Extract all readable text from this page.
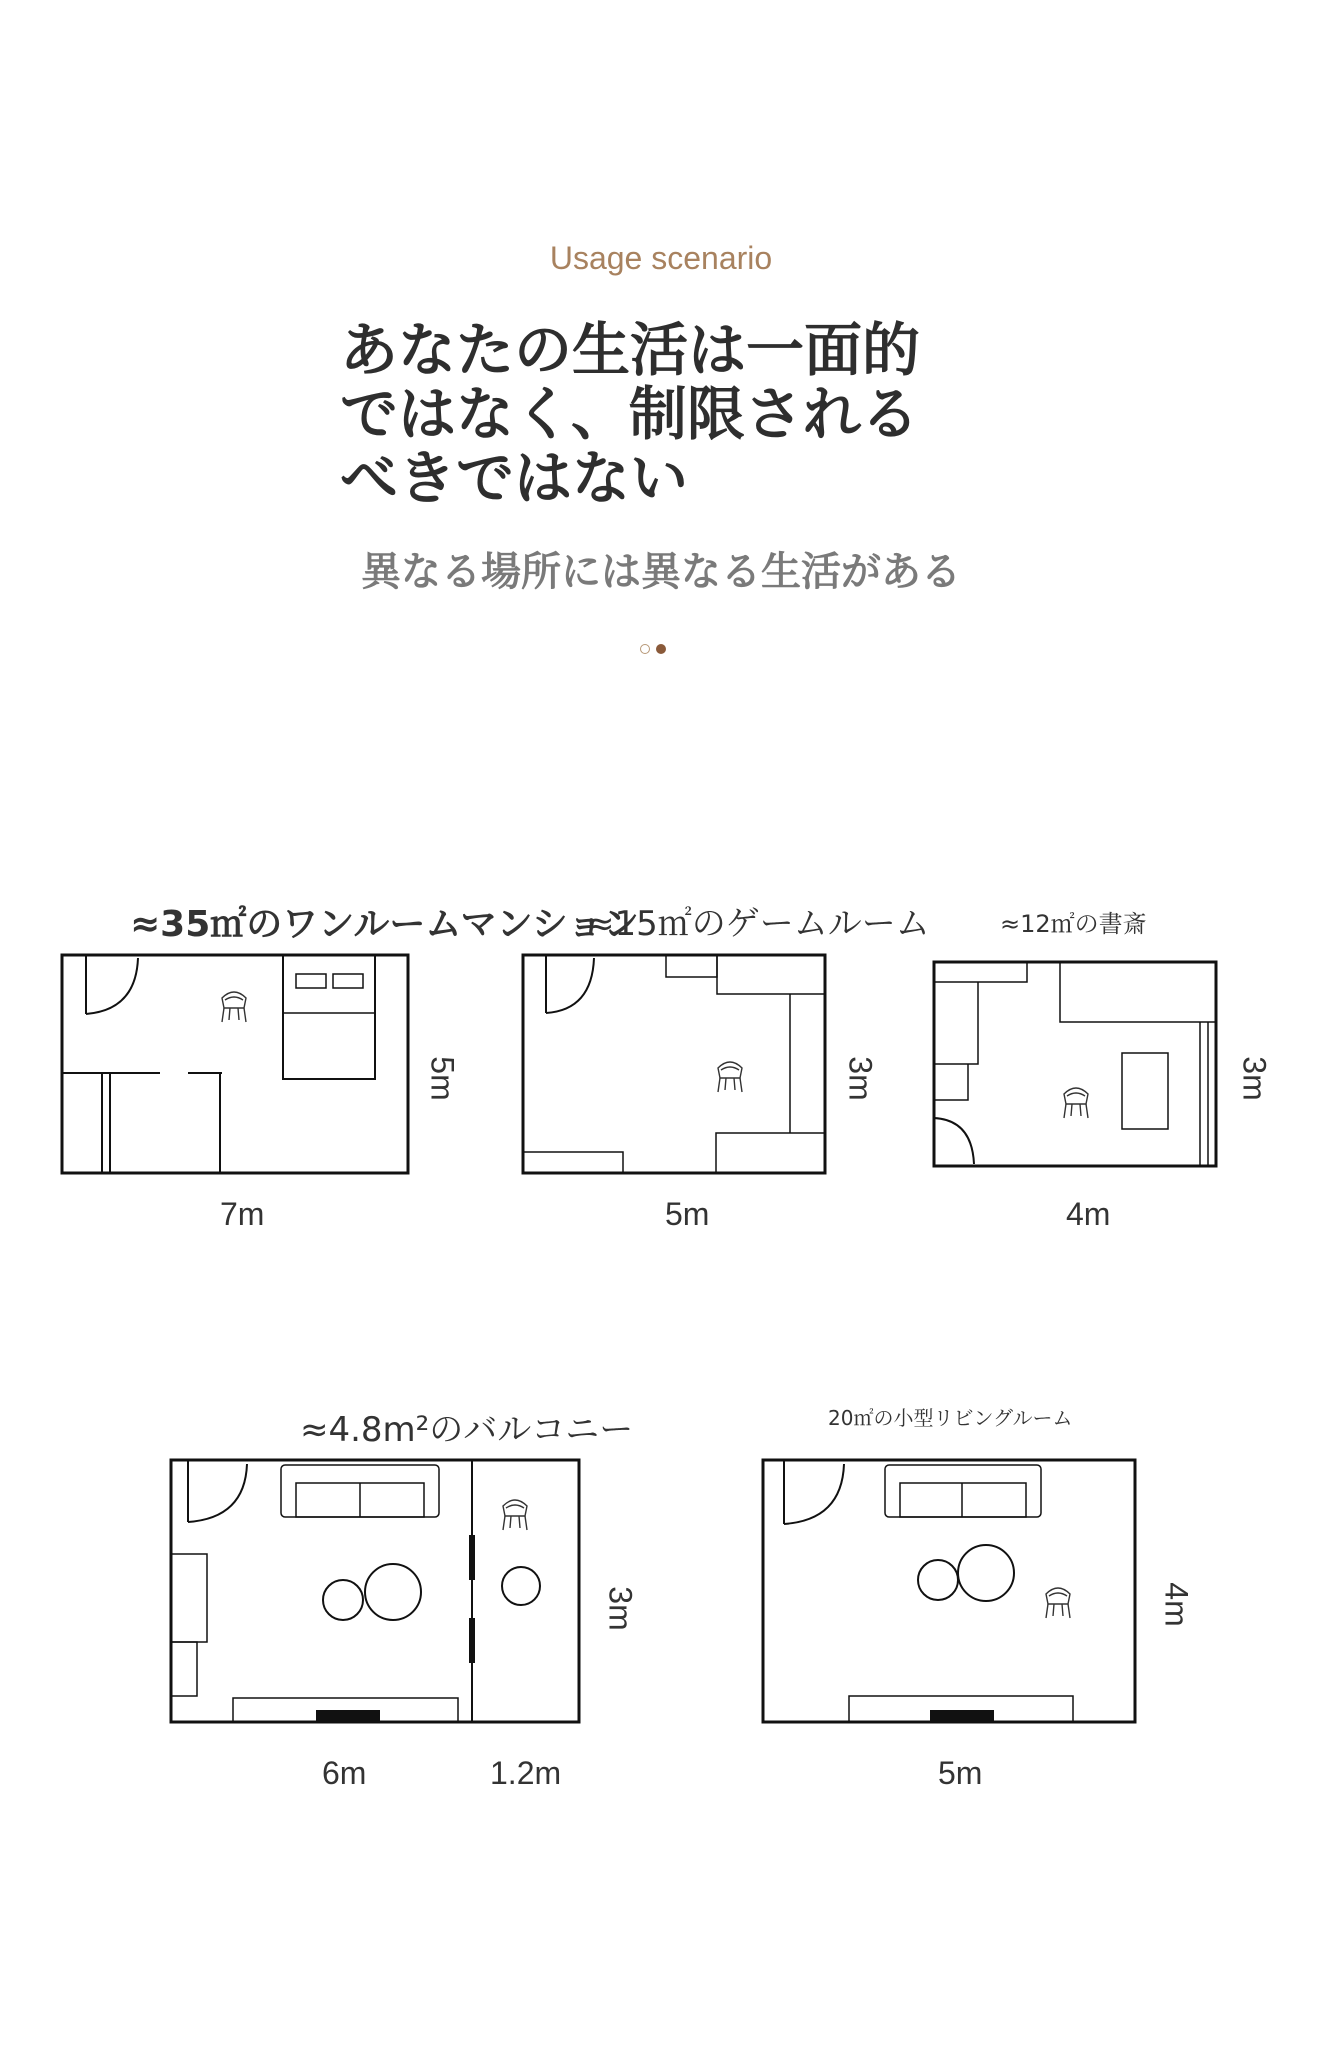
Usage scenario
あなたの生活は一面的
ではなく、制限される
べきではない
異なる場所には異なる生活がある
≈35㎡のワンルームマンション
≈15㎡のゲームルーム	≈12㎡の書斎
≈4.8m²のバルコニー	20㎡の小型リビングルーム
7m
5m
5m
3m
4m
3m
6m	1.2m
3m
5m
4m
